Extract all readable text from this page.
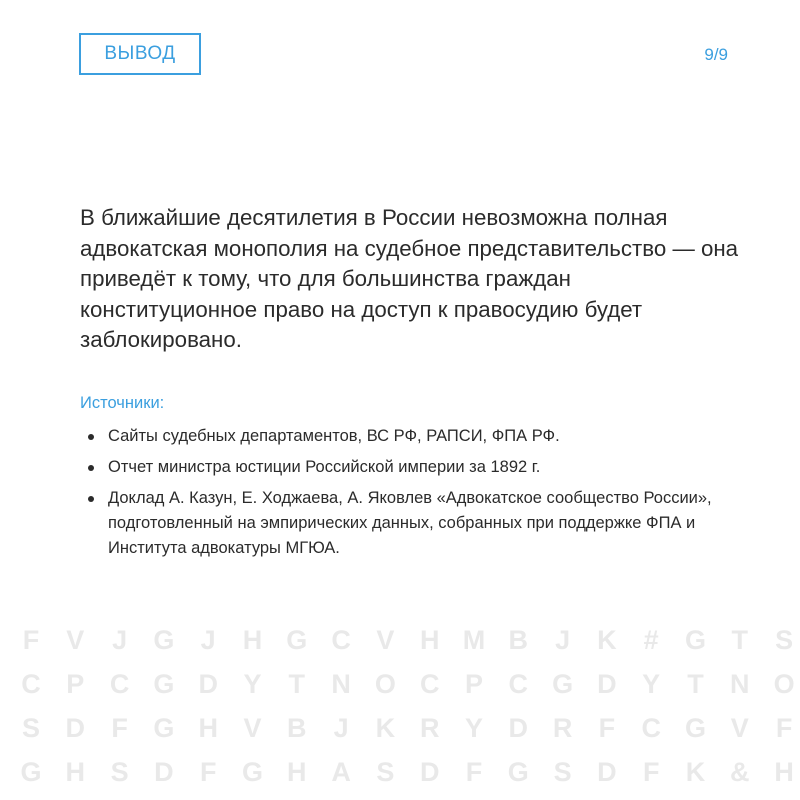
ВЫВОД	9/9

В ближайшие десятилетия в России невозможна полная адвокатская монополия на судебное представительство — она приведёт к тому, что для большинства граждан конституционное право на доступ к правосудию будет заблокировано.

Источники:

Сайты судебных департаментов, ВС РФ, РАПСИ, ФПА РФ.
Отчет министра юстиции Российской империи за 1892 г.
Доклад А. Казун, Е. Ходжаева, А. Яковлев «Адвокатское сообщество России», подготовленный на эмпирических данных, собранных при поддержке ФПА и Института адвокатуры МГЮА.
F	V	J G J	H G C V H M B	J	K	# G T	S
C P C G D Y	T N O C P C G D Y	T N O
S D F G H V B	J	K R Y D R F C G V	F
G H S D F G H A S D F G S D F K & H
